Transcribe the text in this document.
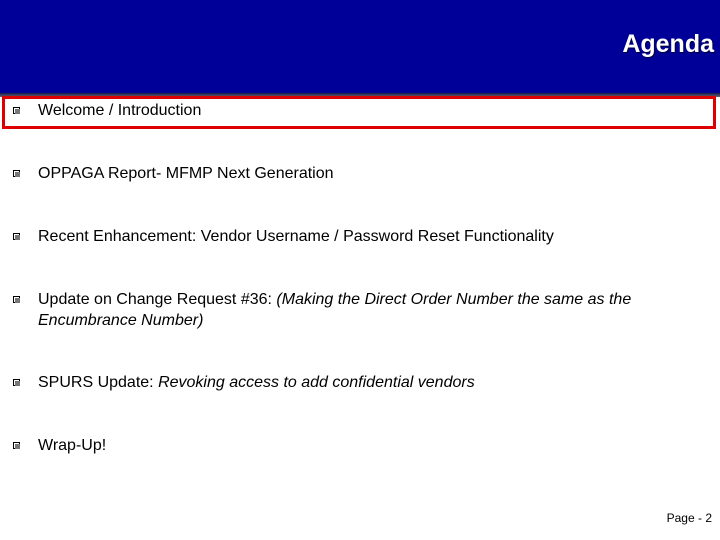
Agenda
Welcome / Introduction
OPPAGA Report- MFMP Next Generation
Recent Enhancement: Vendor Username / Password Reset Functionality
Update on Change Request #36: (Making the Direct Order Number the same as the Encumbrance Number)
SPURS Update: Revoking access to add confidential vendors
Wrap-Up!
Page - 2
